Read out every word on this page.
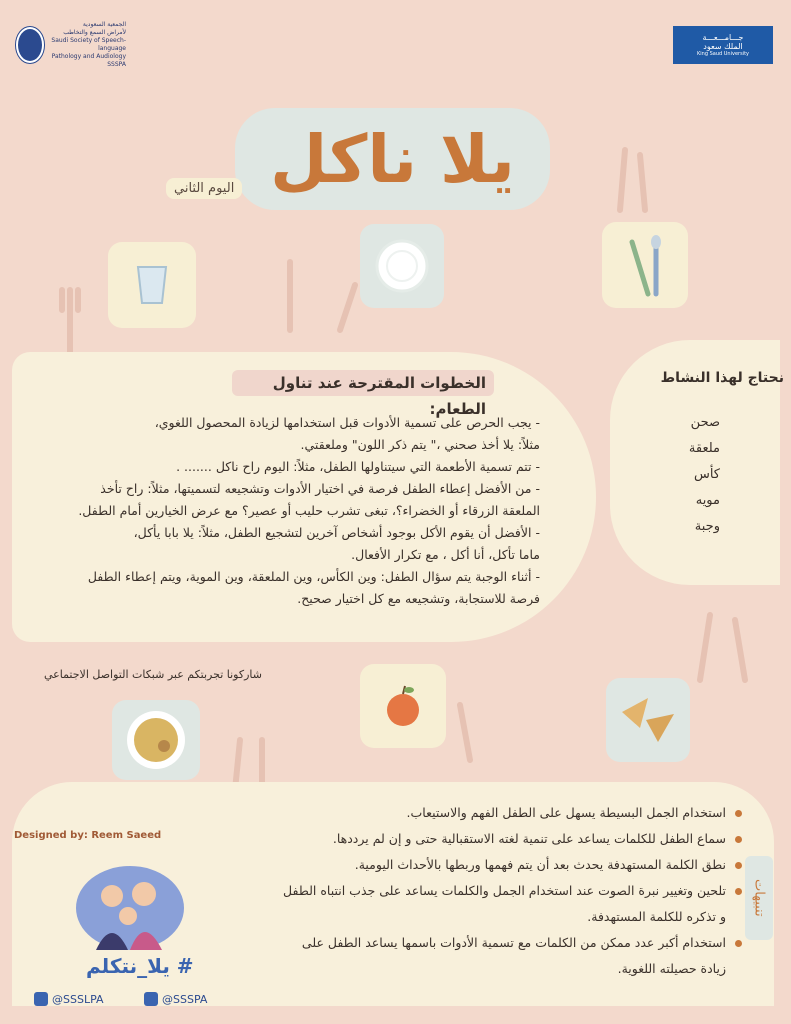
الجمعية السعودية
لأمراض السمع والتخاطب
Saudi Society of Speech-language
Pathology and Audiology SSSPA
جـــامـــعـــة
الملك سعود
King Saud University
يلا ناكل
اليوم الثاني
نحتاج لهذا النشاط
صحن
ملعقة
كأس
مويه
وجبة
الخطوات المقترحة عند تناول الطعام:

- يجب الحرص على تسمية الأدوات قبل استخدامها لزيادة المحصول اللغوي،

مثلاً: يلا أخذ صحني ،" يتم ذكر اللون" وملعقتي.

- تتم تسمية الأطعمة التي سيتناولها الطفل، مثلاً: اليوم راح ناكل ....... .

- من الأفضل إعطاء الطفل فرصة في اختيار الأدوات وتشجيعه لتسميتها، مثلاً: راح تأخذ

الملعقة الزرقاء أو الخضراء؟، تبغى تشرب حليب أو عصير؟ مع عرض الخيارين أمام الطفل.

- الأفضل أن يقوم الأكل بوجود أشخاص آخرين لتشجيع الطفل، مثلاً: يلا بابا يأكل،

ماما تأكل، أنا أكل ، مع تكرار الأفعال.

- أثناء الوجبة يتم سؤال الطفل: وين الكأس، وين الملعقة، وين الموية، ويتم إعطاء الطفل

فرصة للاستجابة، وتشجيعه مع كل اختيار صحيح.

شاركونا تجربتكم عبر شبكات التواصل الاجتماعي
استخدام الجمل البسيطة يسهل على الطفل الفهم والاستيعاب.
سماع الطفل للكلمات يساعد على تنمية لغته الاستقبالية حتى و إن لم يرددها.
نطق الكلمة المستهدفة يحدث بعد أن يتم فهمها وربطها بالأحداث اليومية.
تلحين وتغيير نبرة الصوت عند استخدام الجمل والكلمات يساعد على جذب انتباه الطفل و تذكره للكلمة المستهدفة.
استخدام أكبر عدد ممكن من الكلمات مع تسمية الأدوات باسمها يساعد الطفل على زيادة حصيلته اللغوية.
تنبيهات
Designed by: Reem Saeed
# يلا_نتكلم
@SSSLPA	@SSSPA
